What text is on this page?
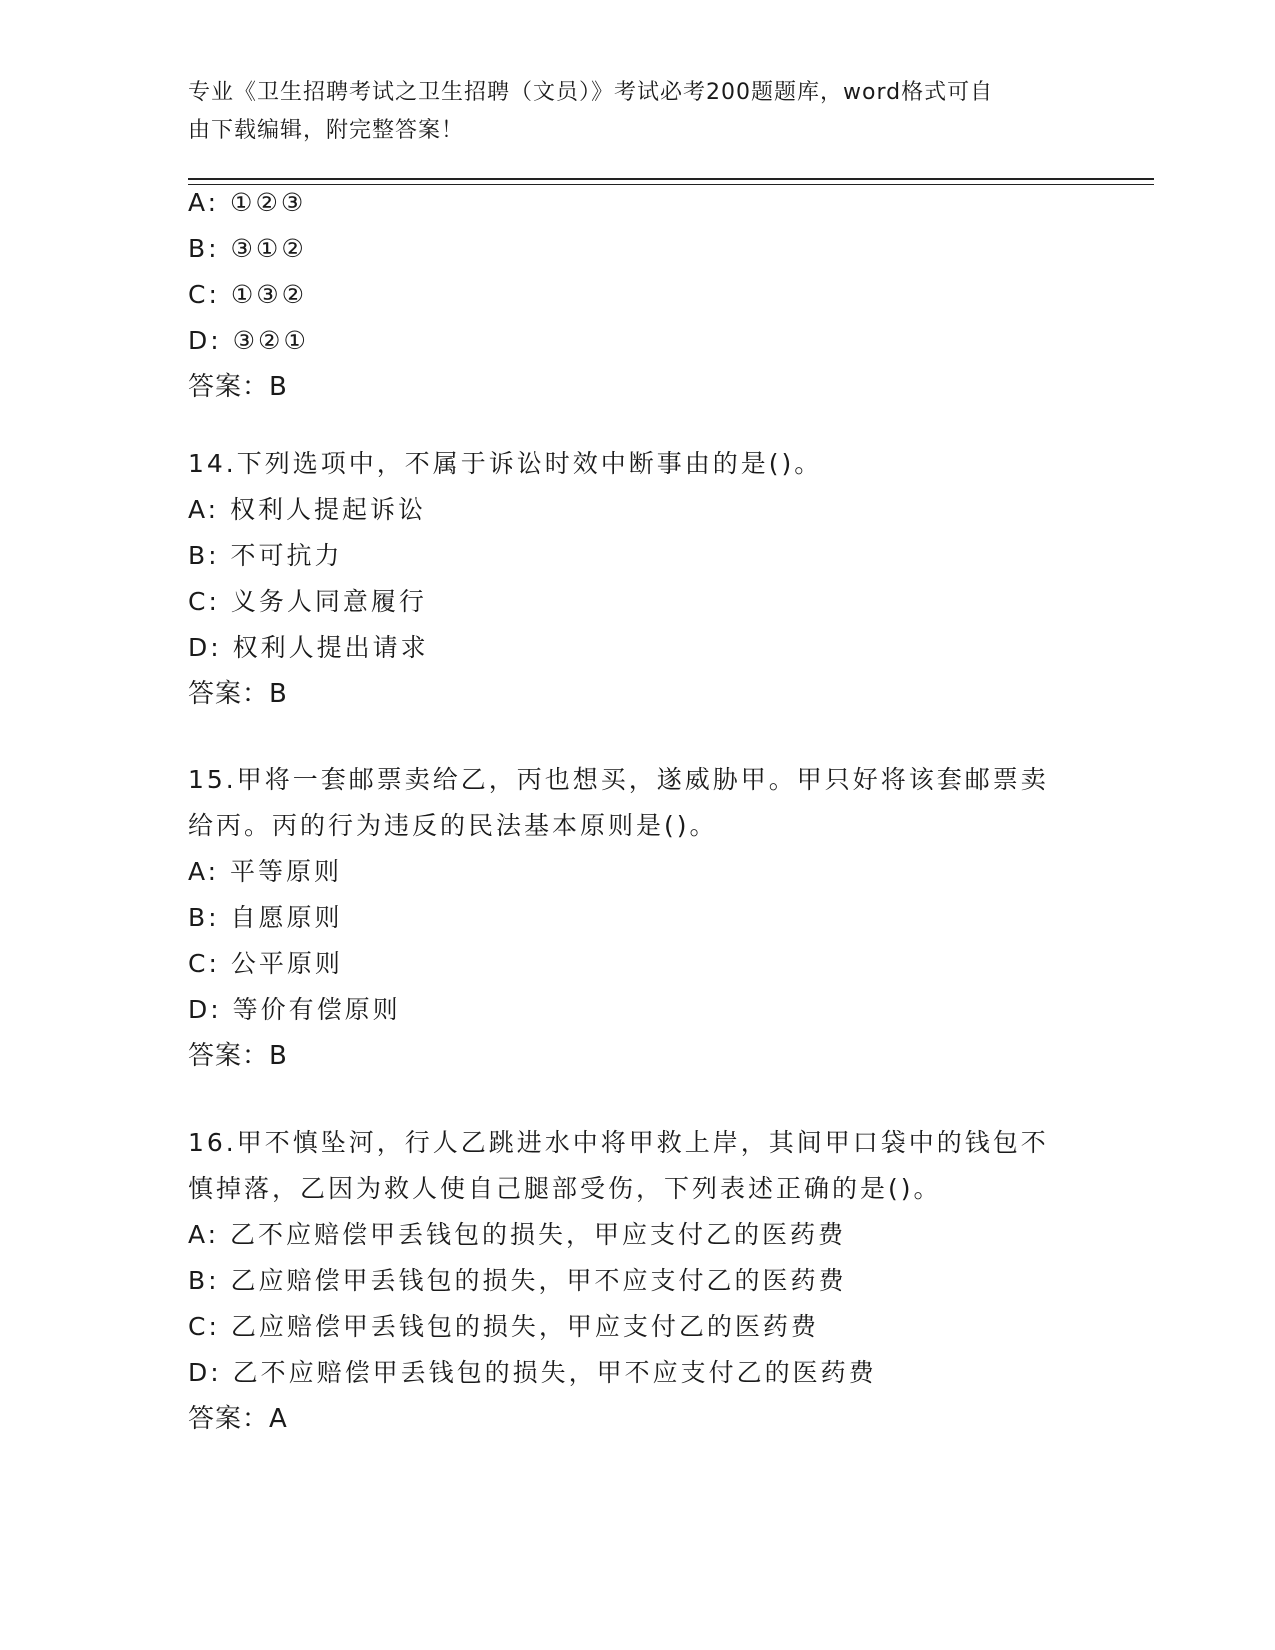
专业《卫生招聘考试之卫生招聘（文员）》考试必考200题题库，word格式可自
由下载编辑，附完整答案！
A: ①②③
B: ③①②
C: ①③②
D: ③②①
答案：B
14.下列选项中，不属于诉讼时效中断事由的是()。
A: 权利人提起诉讼
B: 不可抗力
C: 义务人同意履行
D: 权利人提出请求
答案：B
15.甲将一套邮票卖给乙，丙也想买，遂威胁甲。甲只好将该套邮票卖
给丙。丙的行为违反的民法基本原则是()。
A: 平等原则
B: 自愿原则
C: 公平原则
D: 等价有偿原则
答案：B
16.甲不慎坠河，行人乙跳进水中将甲救上岸，其间甲口袋中的钱包不
慎掉落，乙因为救人使自己腿部受伤，下列表述正确的是()。
A: 乙不应赔偿甲丢钱包的损失，甲应支付乙的医药费
B: 乙应赔偿甲丢钱包的损失，甲不应支付乙的医药费
C: 乙应赔偿甲丢钱包的损失，甲应支付乙的医药费
D: 乙不应赔偿甲丢钱包的损失，甲不应支付乙的医药费
答案：A
